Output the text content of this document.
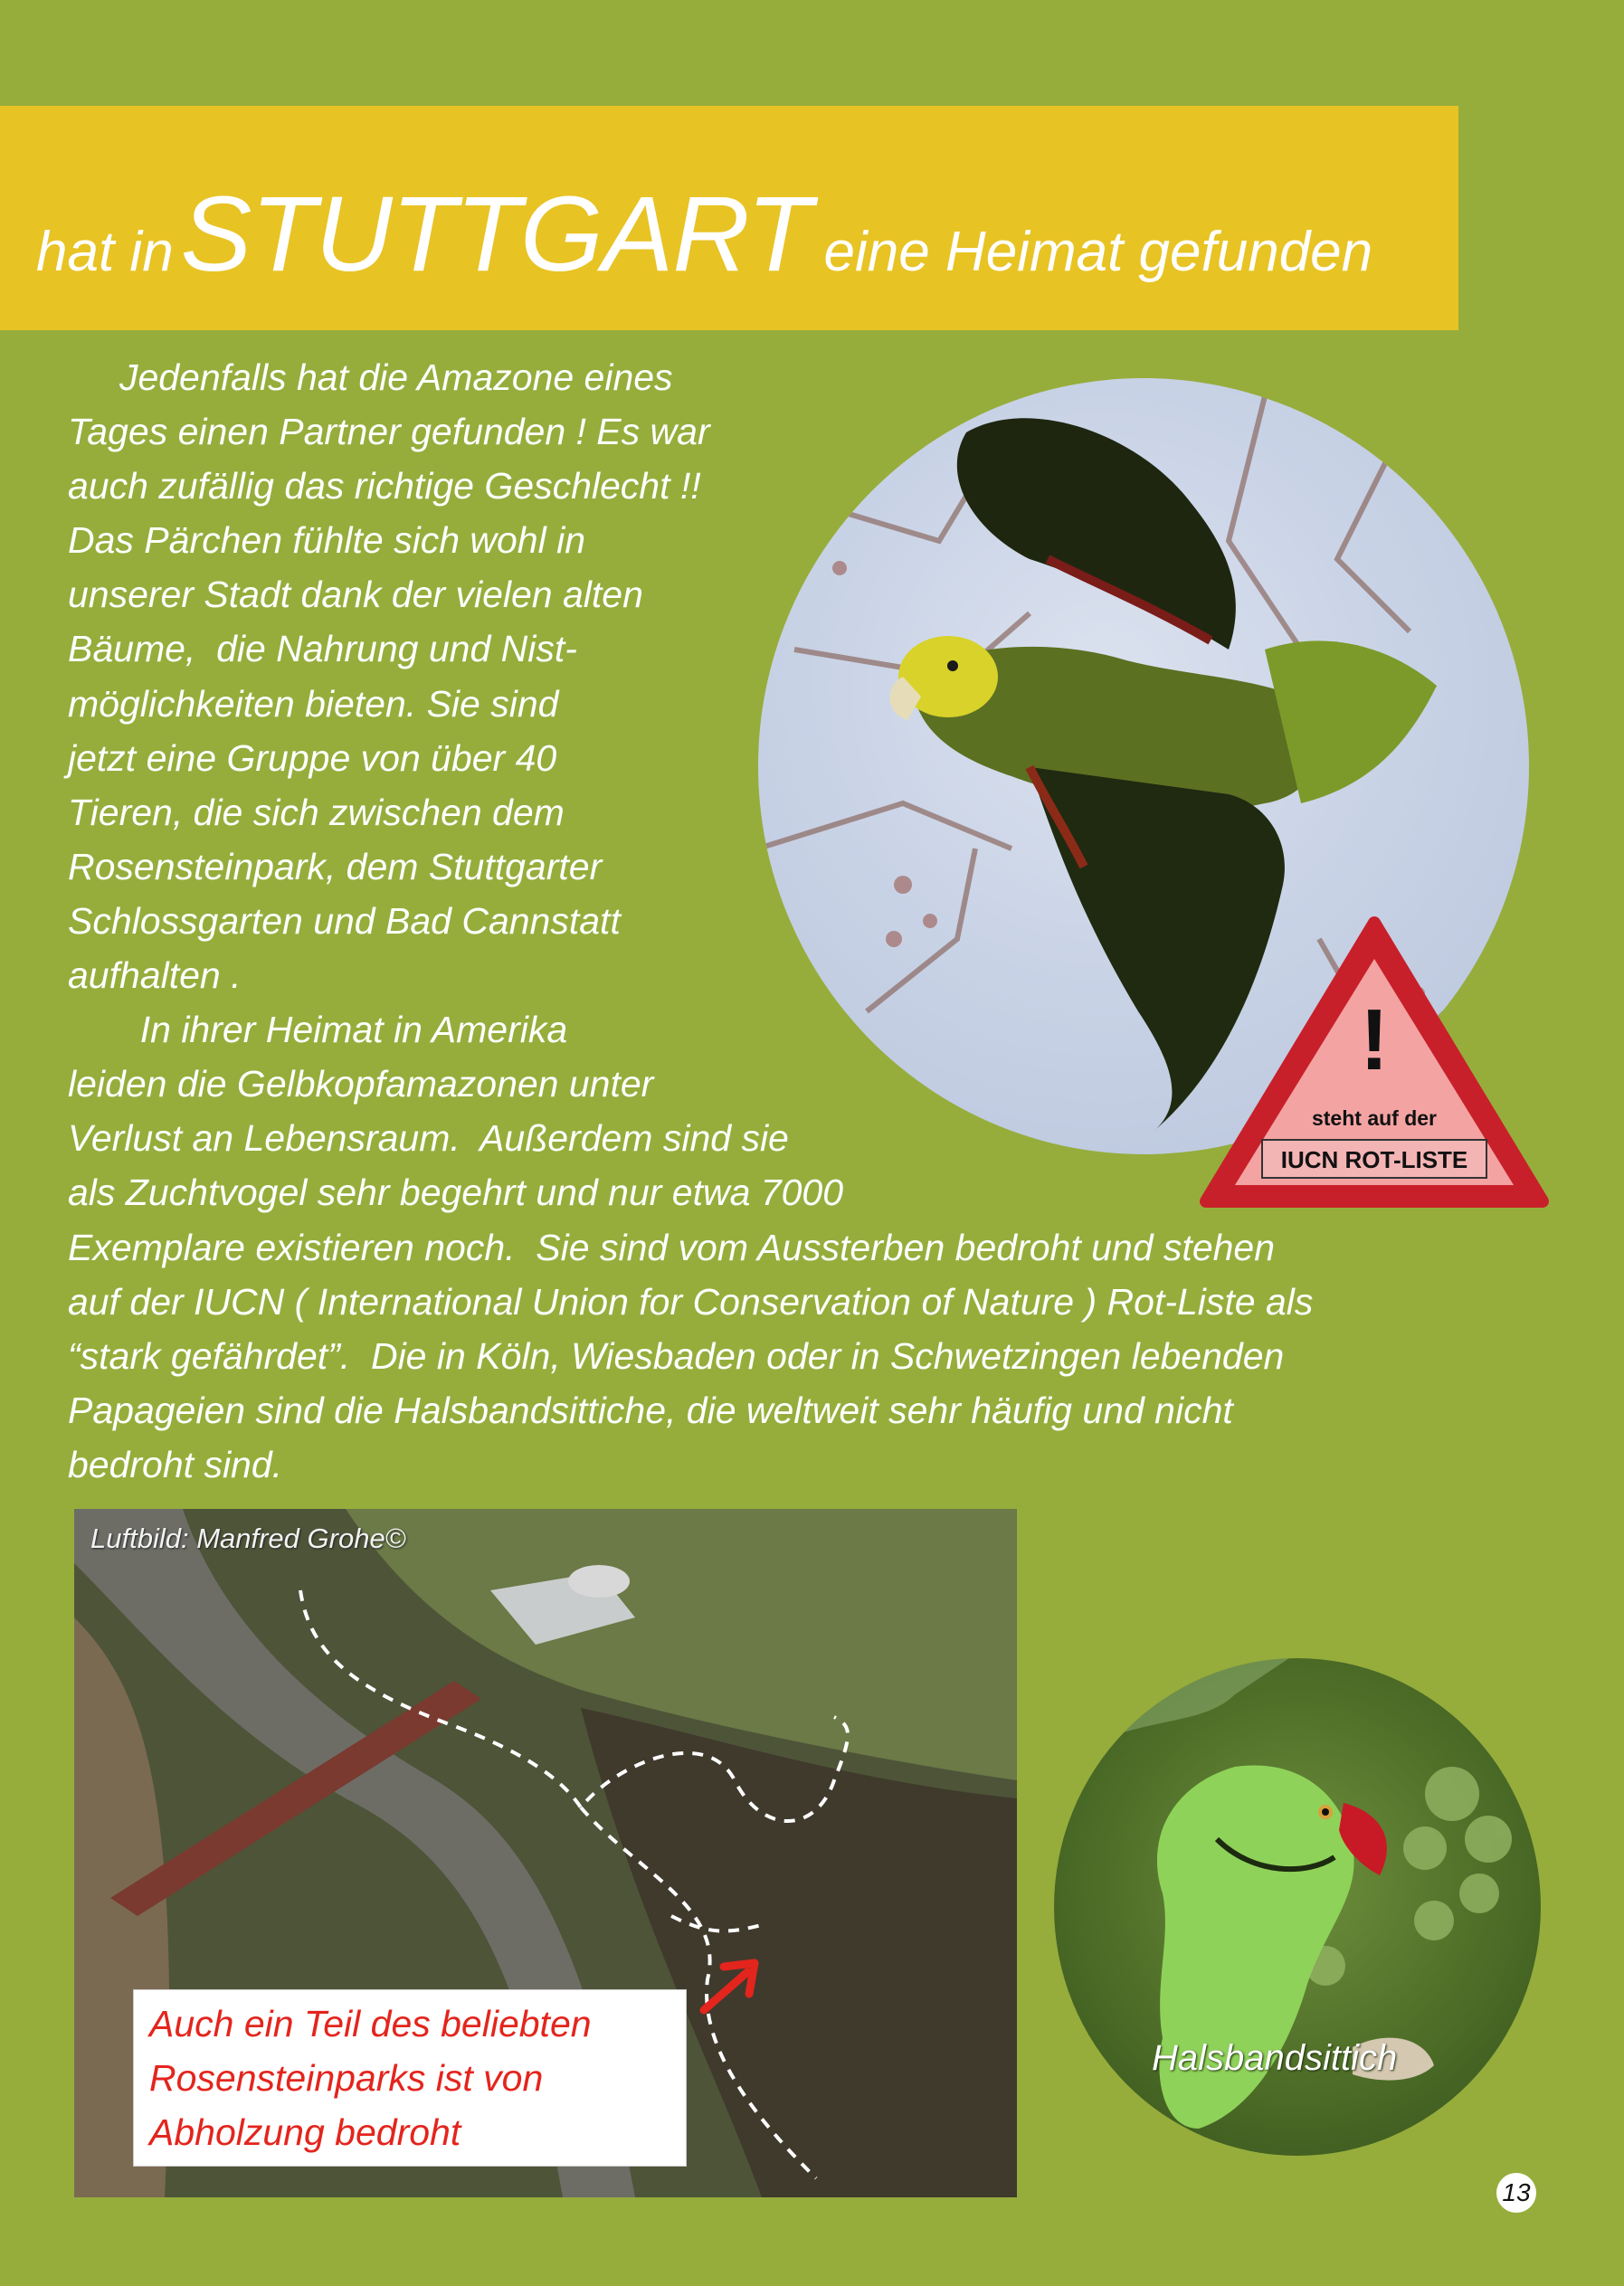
hat inSTUTTGART eine Heimat gefunden
Jedenfalls hat die Amazone eines
Tages einen Partner gefunden ! Es war
auch zufällig das richtige Geschlecht !!
Das Pärchen fühlte sich wohl in
unserer Stadt dank der vielen alten
Bäume,  die Nahrung und Nist-
möglichkeiten bieten. Sie sind
jetzt eine Gruppe von über 40
Tieren, die sich zwischen dem
Rosensteinpark, dem Stuttgarter
Schlossgarten und Bad Cannstatt
aufhalten .
In ihrer Heimat in Amerika
leiden die Gelbkopfamazonen unter
Verlust an Lebensraum.  Außerdem sind sie
als Zuchtvogel sehr begehrt und nur etwa 7000
Exemplare existieren noch.  Sie sind vom Aussterben bedroht und stehen
auf der IUCN ( International Union for Conservation of Nature ) Rot-Liste als
“stark gefährdet”.  Die in Köln, Wiesbaden oder in Schwetzingen lebenden
Papageien sind die Halsbandsittiche, die weltweit sehr häufig und nicht
bedroht sind.
!
steht auf der
IUCN ROT-LISTE
Luftbild: Manfred Grohe©
Auch ein Teil des beliebten
Rosensteinparks ist von
Abholzung bedroht
Halsbandsittich
13
